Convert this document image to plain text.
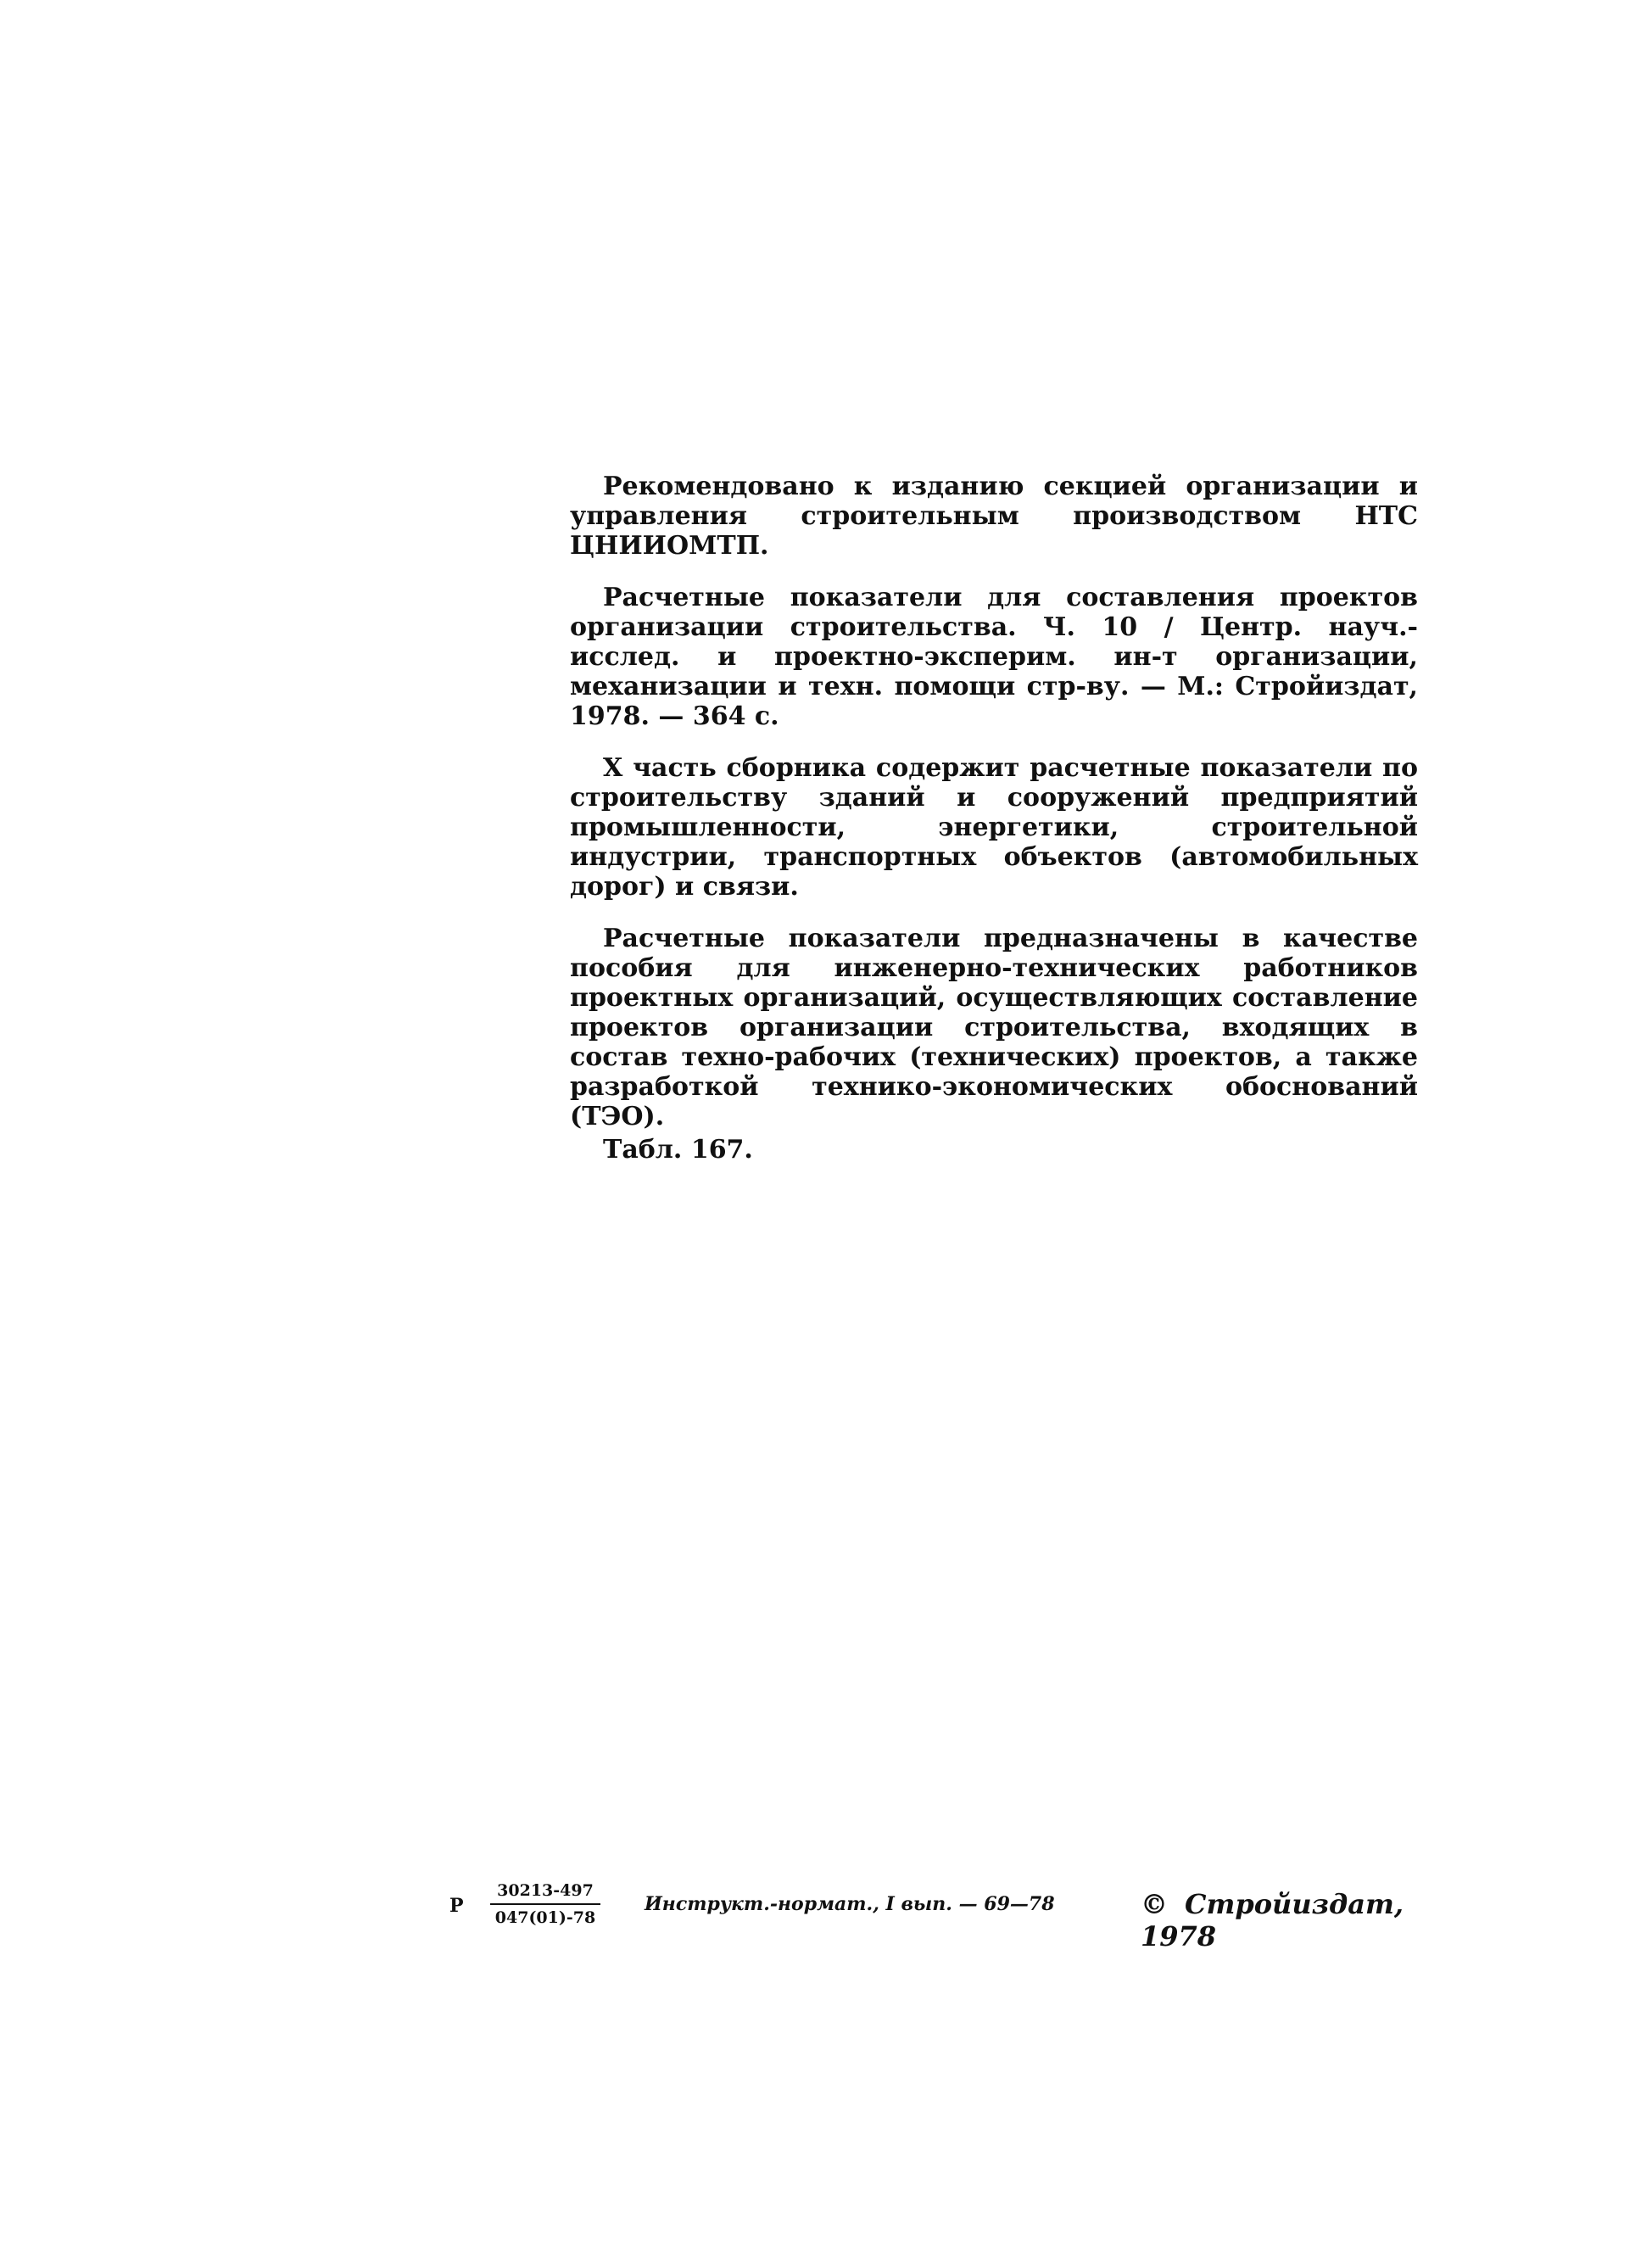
Рекомендовано к изданию секцией организации и управления строительным производством НТС ЦНИИОМТП.

Расчетные показатели для составления проектов организации строительства. Ч. 10 / Центр. науч.-исслед. и проектно-эксперим. ин-т организации, механизации и техн. помощи стр-ву. — М.: Стройиздат, 1978. — 364 с.

X часть сборника содержит расчетные показатели по строительству зданий и сооружений предприятий промышленности, энергетики, строительной индустрии, транспортных объектов (автомобильных дорог) и связи.

Расчетные показатели предназначены в качестве пособия для инженерно-технических работников проектных организаций, осуществляющих составление проектов организации строительства, входящих в состав техно-рабочих (технических) проектов, а также разработкой технико-экономических обоснований (ТЭО).

Табл. 167.

Р $\frac{30213-497}{047(01)-78}$ Инструкт.-нормат., I вып. — 69—78	© Стройиздат, 1978
